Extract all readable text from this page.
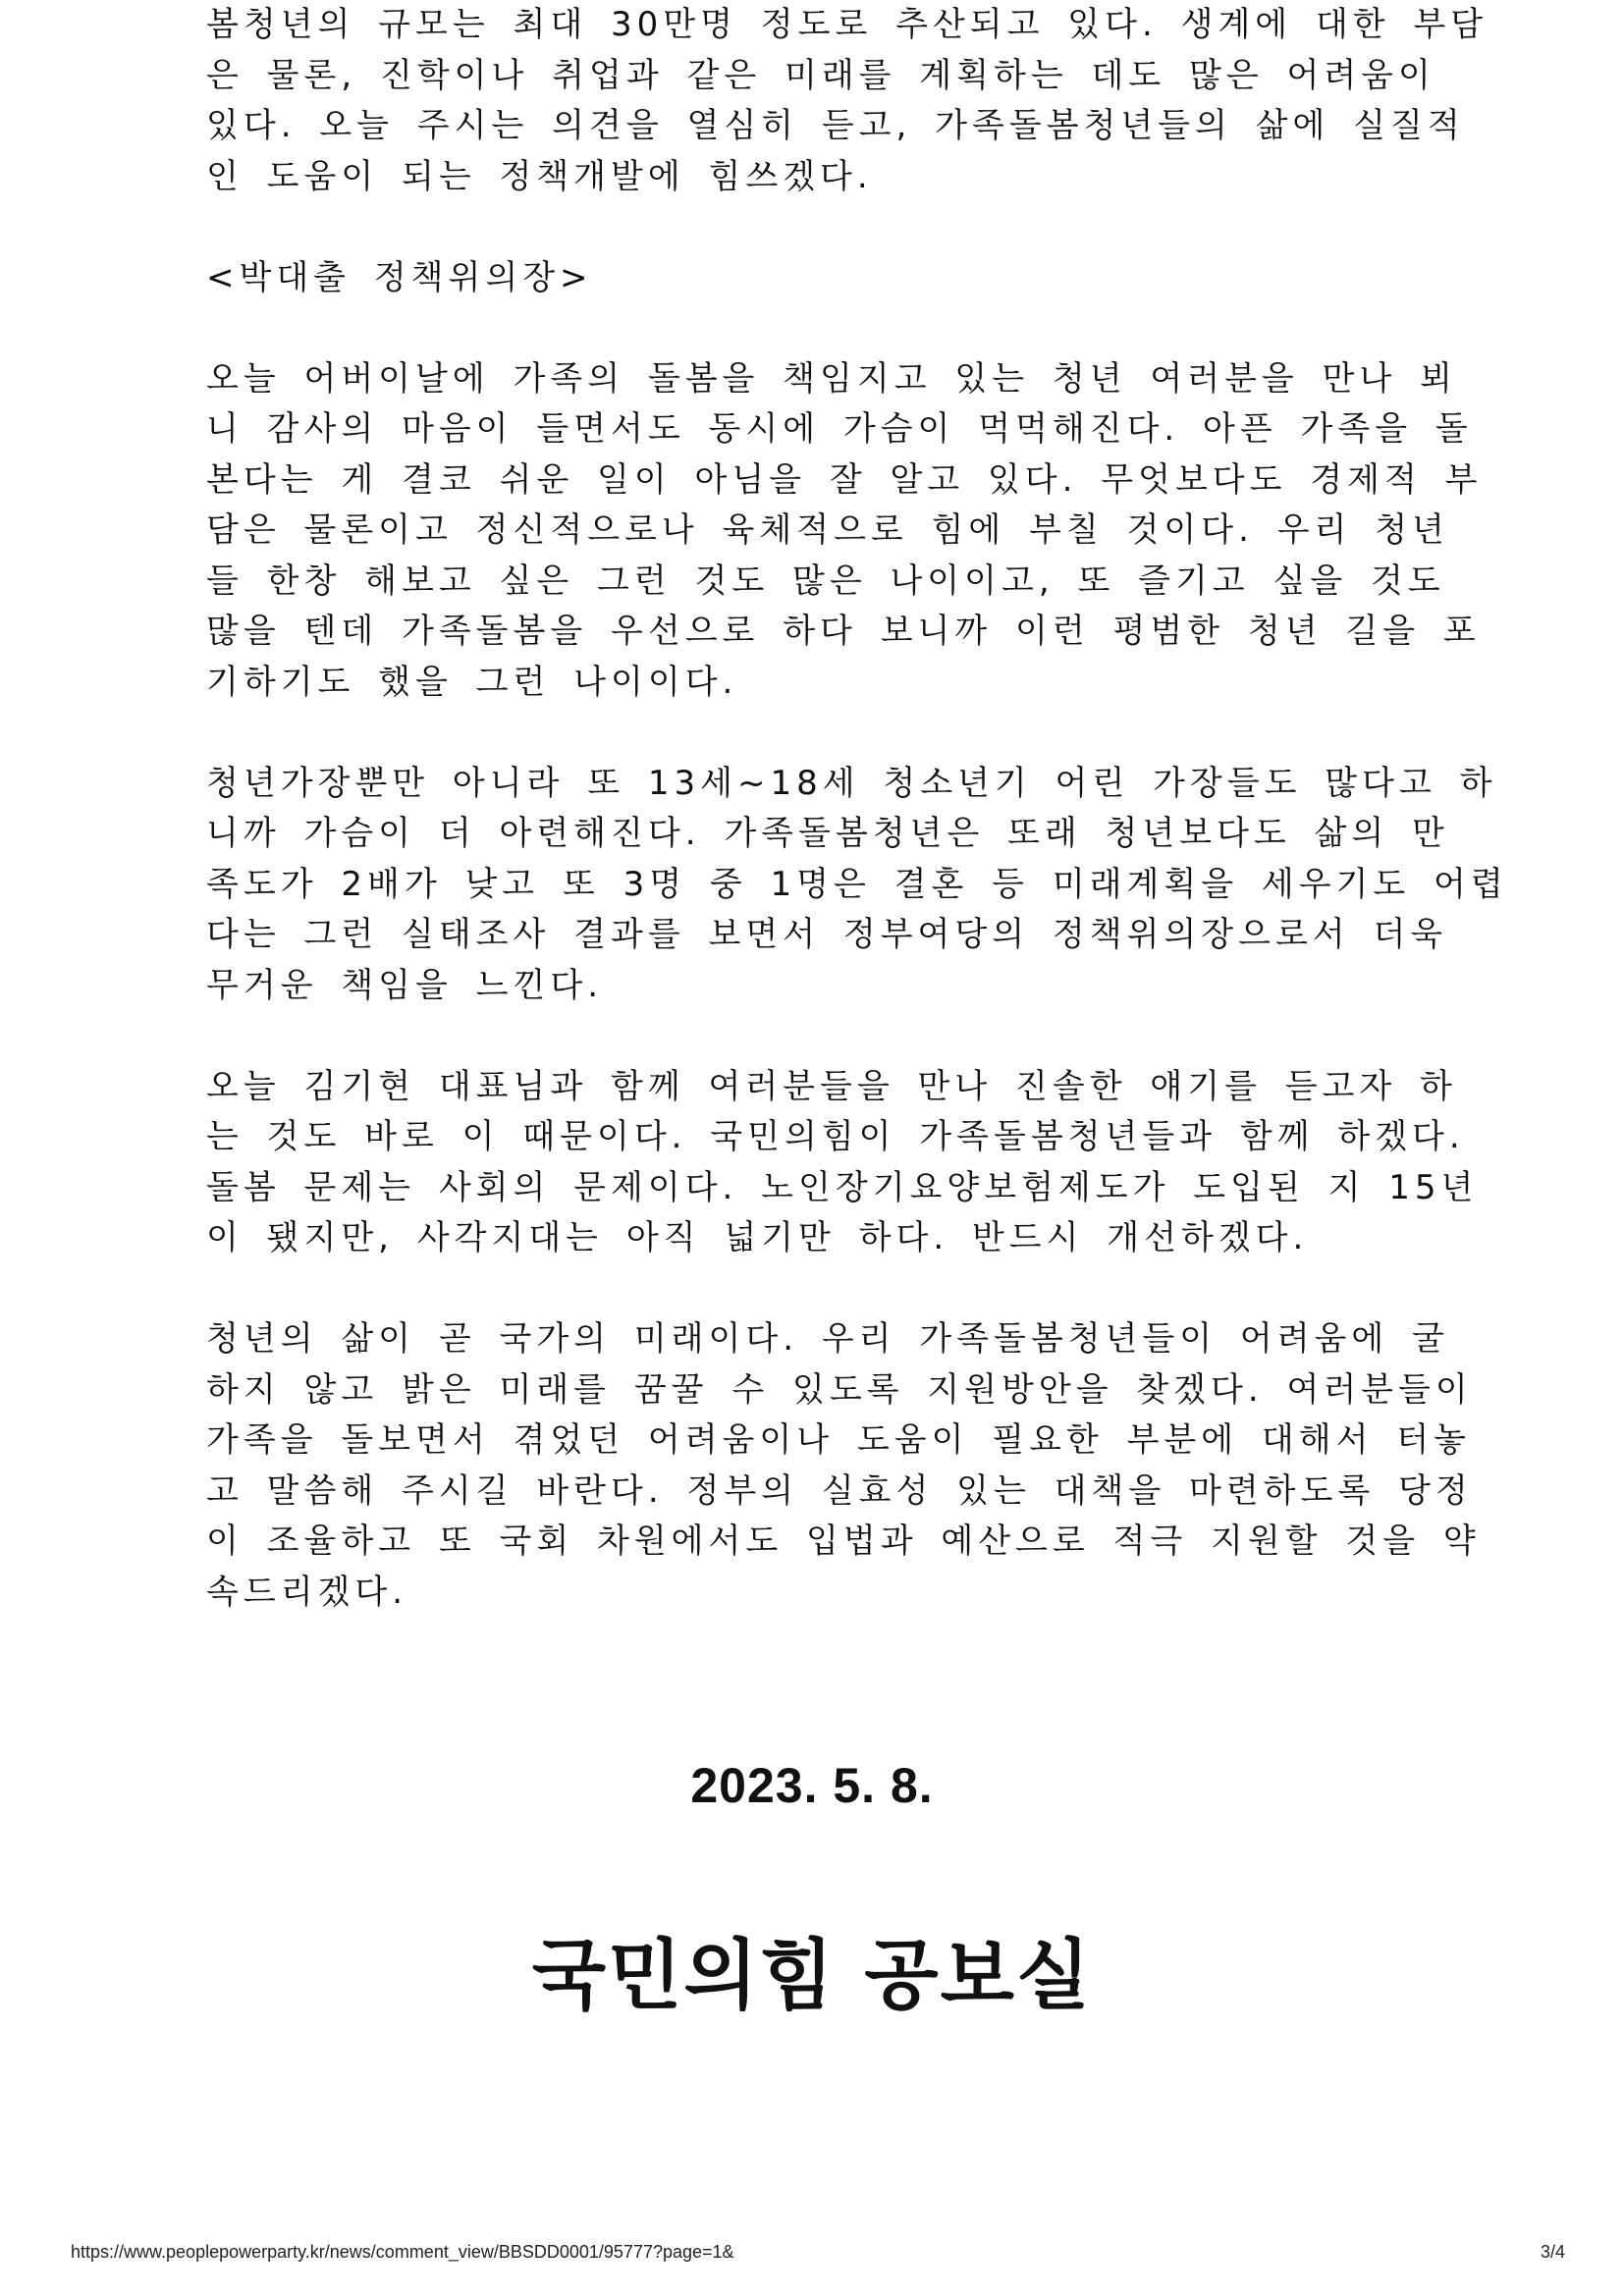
봄청년의 규모는 최대 30만명 정도로 추산되고 있다. 생계에 대한 부담
은 물론, 진학이나 취업과 같은 미래를 계획하는 데도 많은 어려움이
있다. 오늘 주시는 의견을 열심히 듣고, 가족돌봄청년들의 삶에 실질적
인 도움이 되는 정책개발에 힘쓰겠다.

<박대출 정책위의장>

오늘 어버이날에 가족의 돌봄을 책임지고 있는 청년 여러분을 만나 뵈
니 감사의 마음이 들면서도 동시에 가슴이 먹먹해진다. 아픈 가족을 돌
본다는 게 결코 쉬운 일이 아님을 잘 알고 있다. 무엇보다도 경제적 부
담은 물론이고 정신적으로나 육체적으로 힘에 부칠 것이다. 우리 청년
들 한창 해보고 싶은 그런 것도 많은 나이이고, 또 즐기고 싶을 것도
많을 텐데 가족돌봄을 우선으로 하다 보니까 이런 평범한 청년 길을 포
기하기도 했을 그런 나이이다.

청년가장뿐만 아니라 또 13세~18세 청소년기 어린 가장들도 많다고 하
니까 가슴이 더 아련해진다. 가족돌봄청년은 또래 청년보다도 삶의 만
족도가 2배가 낮고 또 3명 중 1명은 결혼 등 미래계획을 세우기도 어렵
다는 그런 실태조사 결과를 보면서 정부여당의 정책위의장으로서 더욱
무거운 책임을 느낀다.

오늘 김기현 대표님과 함께 여러분들을 만나 진솔한 얘기를 듣고자 하
는 것도 바로 이 때문이다. 국민의힘이 가족돌봄청년들과 함께 하겠다.
돌봄 문제는 사회의 문제이다. 노인장기요양보험제도가 도입된 지 15년
이 됐지만, 사각지대는 아직 넓기만 하다. 반드시 개선하겠다.

청년의 삶이 곧 국가의 미래이다. 우리 가족돌봄청년들이 어려움에 굴
하지 않고 밝은 미래를 꿈꿀 수 있도록 지원방안을 찾겠다. 여러분들이
가족을 돌보면서 겪었던 어려움이나 도움이 필요한 부분에 대해서 터놓
고 말씀해 주시길 바란다. 정부의 실효성 있는 대책을 마련하도록 당정
이 조율하고 또 국회 차원에서도 입법과 예산으로 적극 지원할 것을 약
속드리겠다.

2023. 5. 8.
국민의힘 공보실
https://www.peoplepowerparty.kr/news/comment_view/BBSDD0001/95777?page=1&	3/4
